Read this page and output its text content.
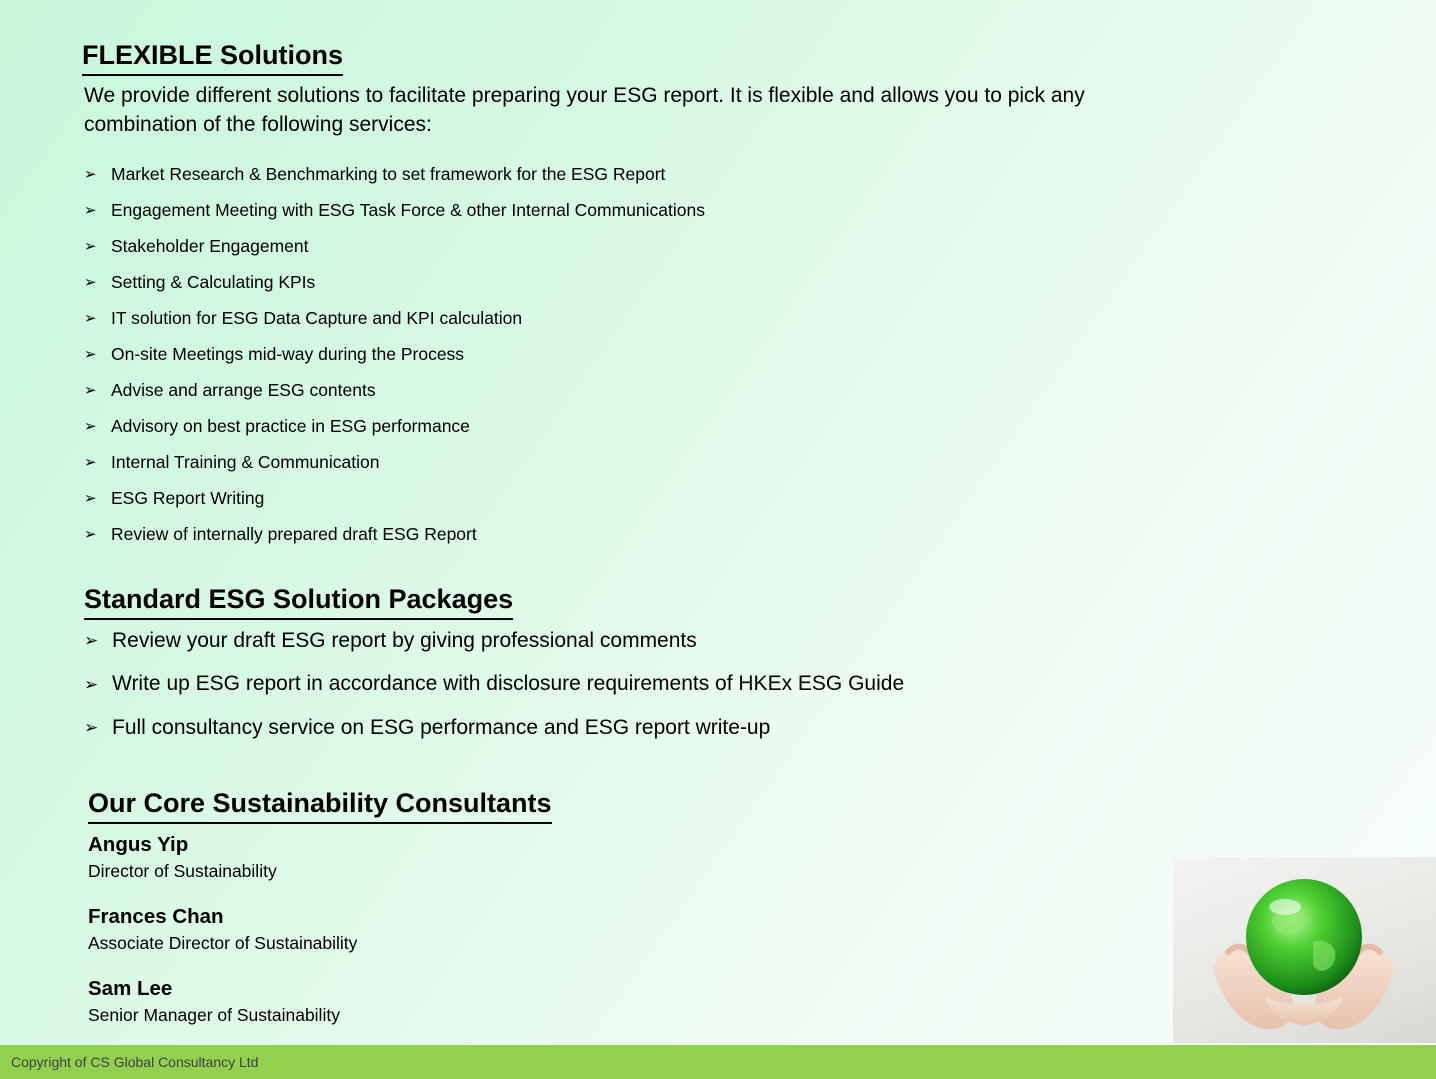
FLEXIBLE Solutions

We provide different solutions to facilitate preparing your ESG report. It is flexible and allows you to pick any combination of the following services:

➢ Market Research & Benchmarking to set framework for the ESG Report
➢ Engagement Meeting with ESG Task Force & other Internal Communications
➢ Stakeholder Engagement
➢ Setting & Calculating KPIs
➢ IT solution for ESG Data Capture and KPI calculation
➢ On-site Meetings mid-way during the Process
➢ Advise and arrange ESG contents
➢ Advisory on best practice in ESG performance
➢ Internal Training & Communication
➢ ESG Report Writing
➢ Review of internally prepared draft ESG Report
Standard ESG Solution Packages
➢ Review your draft ESG report by giving professional comments
➢ Write up ESG report in accordance with disclosure requirements of HKEx ESG Guide
➢ Full consultancy service on ESG performance and ESG report write-up
Our Core Sustainability Consultants
Angus Yip
Director of Sustainability
Frances Chan
Associate Director of Sustainability
Sam Lee
Senior Manager of Sustainability
Copyright of CS Global Consultancy Ltd
